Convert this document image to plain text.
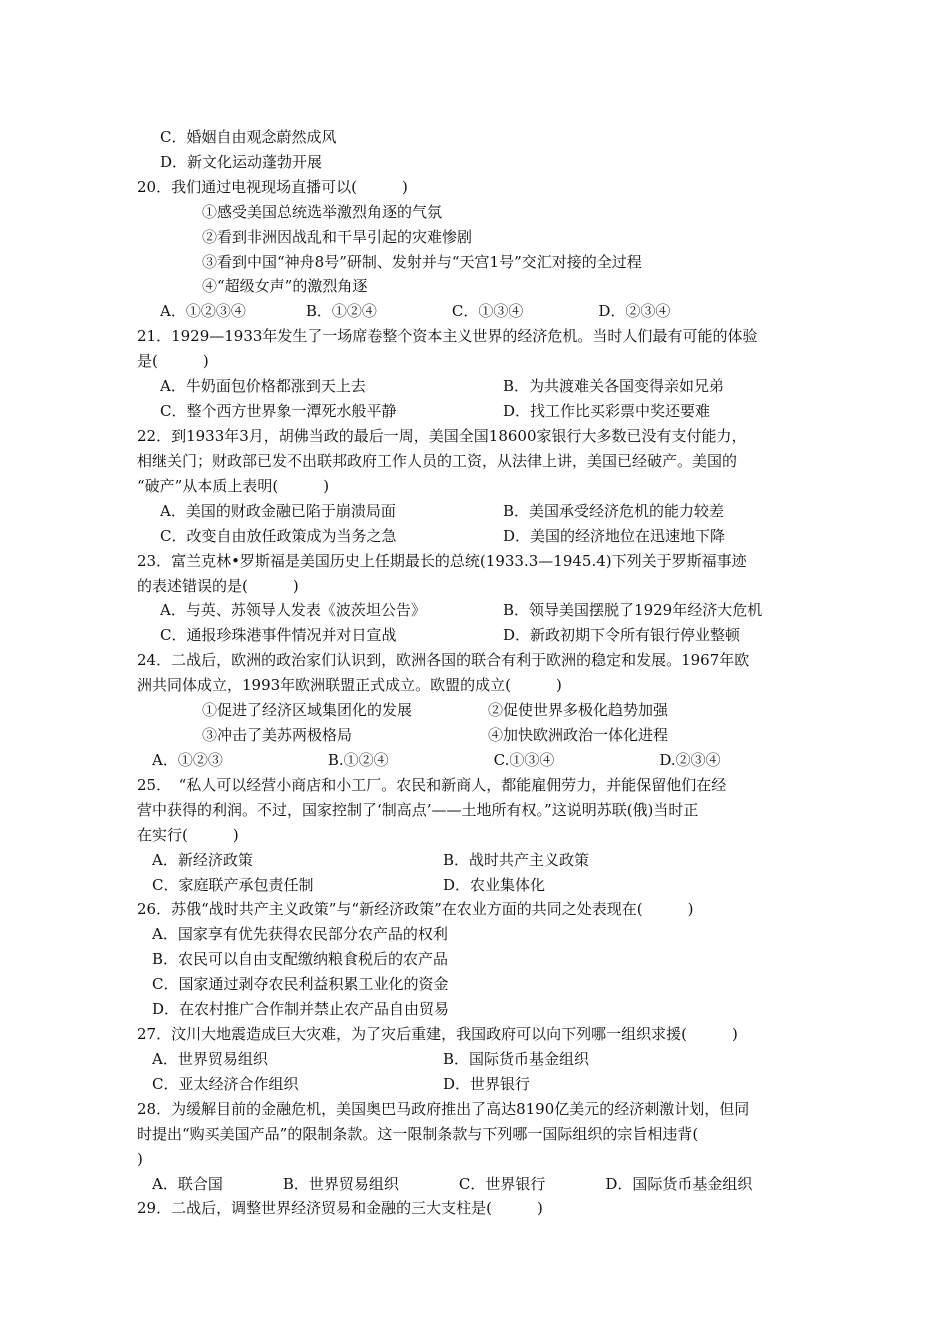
C．婚姻自由观念蔚然成风
D．新文化运动蓬勃开展
20．我们通过电视现场直播可以(　　　)
①感受美国总统选举激烈角逐的气氛
②看到非洲因战乱和干旱引起的灾难惨剧
③看到中国“神舟8号”研制、发射并与“天宫1号”交汇对接的全过程
④“超级女声”的激烈角逐
A．①②③④　　　　B．①②④　　　　　C．①③④　　　　　D．②③④
21．1929—1933年发生了一场席卷整个资本主义世界的经济危机。当时人们最有可能的体验
是(　　　)
A．牛奶面包价格都涨到天上去	B．为共渡难关各国变得亲如兄弟
C．整个西方世界象一潭死水般平静	D．找工作比买彩票中奖还要难
22．到1933年3月，胡佛当政的最后一周，美国全国18600家银行大多数已没有支付能力，
相继关门；财政部已发不出联邦政府工作人员的工资，从法律上讲，美国已经破产。美国的
“破产”从本质上表明(　　　)
A．美国的财政金融已陷于崩溃局面	B．美国承受经济危机的能力较差
C．改变自由放任政策成为当务之急	D．美国的经济地位在迅速地下降
23．富兰克林•罗斯福是美国历史上任期最长的总统(1933.3—1945.4)下列关于罗斯福事迹
的表述错误的是(　　　)
A．与英、苏领导人发表《波茨坦公告》	B．领导美国摆脱了1929年经济大危机
C．通报珍珠港事件情况并对日宣战	D．新政初期下令所有银行停业整顿
24．二战后，欧洲的政治家们认识到，欧洲各国的联合有利于欧洲的稳定和发展。1967年欧
洲共同体成立，1993年欧洲联盟正式成立。欧盟的成立(　　　)
①促进了经济区域集团化的发展	②促使世界多极化趋势加强
③冲击了美苏两极格局	④加快欧洲政治一体化进程
A．①②③　　　　　　　B.①②④　　　　　　　C.①③④　　　　　　　D.②③④
25．　“私人可以经营小商店和小工厂。农民和新商人，都能雇佣劳力，并能保留他们在经
营中获得的利润。不过，国家控制了‘制高点’——土地所有权。”这说明苏联(俄)当时正
在实行(　　　)
A．新经济政策	B．战时共产主义政策
C．家庭联产承包责任制	D．农业集体化
26．苏俄“战时共产主义政策”与“新经济政策”在农业方面的共同之处表现在(　　　)
A．国家享有优先获得农民部分农产品的权利
B．农民可以自由支配缴纳粮食税后的农产品
C．国家通过剥夺农民利益积累工业化的资金
D．在农村推广合作制并禁止农产品自由贸易
27．汶川大地震造成巨大灾难，为了灾后重建，我国政府可以向下列哪一组织求援(　　　)
A．世界贸易组织	B．国际货币基金组织
C．亚太经济合作组织	D．世界银行
28．为缓解目前的金融危机，美国奥巴马政府推出了高达8190亿美元的经济刺激计划，但同
时提出“购买美国产品”的限制条款。这一限制条款与下列哪一国际组织的宗旨相违背(
)
A．联合国　　　　B．世界贸易组织　　　　C．世界银行　　　　D．国际货币基金组织
29．二战后，调整世界经济贸易和金融的三大支柱是(　　　)
